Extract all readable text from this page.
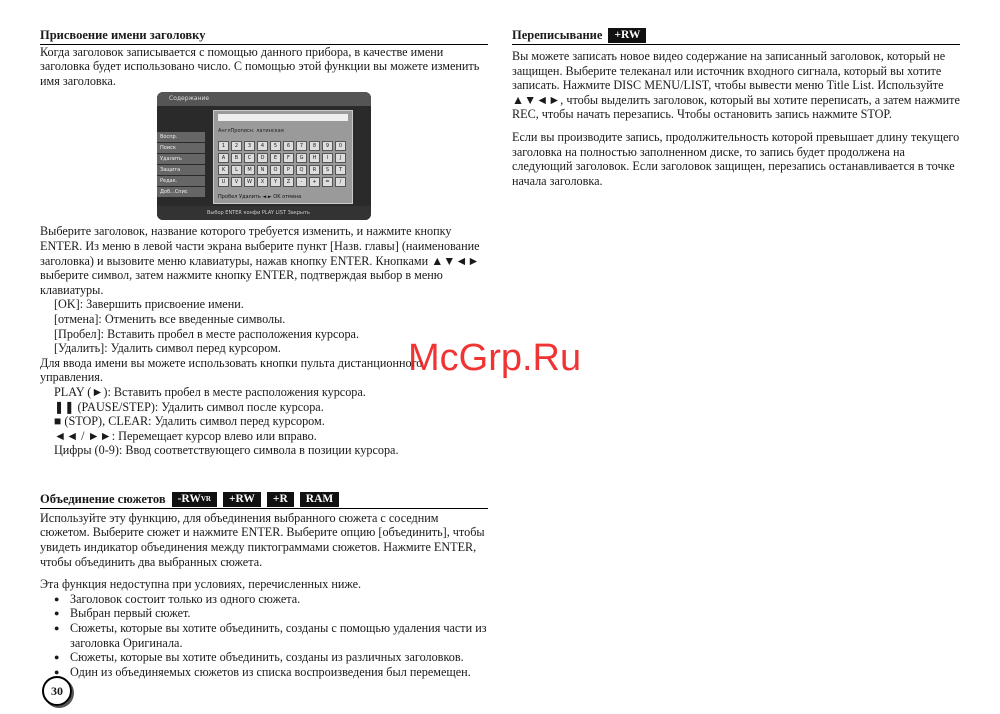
Присвоение имени заголовку

Когда заголовок записывается с помощью данного прибора, в качестве имени заголовка будет использовано число. С помощью этой функции вы можете изменить имя заголовка.

Содержание
Воспр.
Поиск
Удалить
Защита
Редак.
Доб...Спис
АнглПрописн. латинская
1	2	3	4	5	6	7	8	9	0
A	B	C	D	E	F	G	H	I	J
K	L	M	N	O	P	Q	R	S	T
U	V	W	X	Y	Z	-	+	=	/
Пробел Удалить ◄ ► OK отмена
Выбор ENTER конфи PLAY LIST Закрыть

Выберите заголовок, название которого требуется изменить, и нажмите кнопку ENTER. Из меню в левой части экрана выберите пункт [Назв. главы] (наименование заголовка) и вызовите меню клавиатуры, нажав кнопку ENTER. Кнопками ▲▼◄► выберите символ, затем нажмите кнопку ENTER, подтверждая выбор в меню клавиатуры.

[OK]: Завершить присвоение имени.

[отмена]: Отменить все введенные символы.

[Пробел]: Вставить пробел в месте расположения курсора.

[Удалить]: Удалить символ перед курсором.

Для ввода имени вы можете использовать кнопки пульта дистанционного управления.

PLAY (►): Вставить пробел в месте расположения курсора.

❚❚ (PAUSE/STEP): Удалить символ после курсора.

■ (STOP), CLEAR: Удалить символ перед курсором.

◄◄ / ►►: Перемещает курсор влево или вправо.

Цифры (0-9): Ввод соответствующего символа в позиции курсора.

Объединение сюжетов	$-RW^{VR}$	+RW	+R	RAM

Используйте эту функцию, для объединения выбранного сюжета с соседним сюжетом. Выберите сюжет и нажмите ENTER. Выберите опцию [объединить], чтобы увидеть индикатор объединения между пиктограммами сюжетов. Нажмите ENTER, чтобы объединить два выбранных сюжета.

Эта функция недоступна при условиях, перечисленных ниже.

● Заголовок состоит только из одного сюжета.
● Выбран первый сюжет.
● Сюжеты, которые вы хотите объединить, созданы с помощью удаления части из заголовка Оригинала.
● Сюжеты, которые вы хотите объединить, созданы из различных заголовков.
● Один из объединяемых сюжетов из списка воспроизведения был перемещен.
Переписывание	+RW

Вы можете записать новое видео содержание на записанный заголовок, который не защищен. Выберите телеканал или источник входного сигнала, который вы хотите записать. Нажмите DISC MENU/LIST, чтобы вывести меню Title List. Используйте ▲▼◄►, чтобы выделить заголовок, который вы хотите переписать, а затем нажмите REC, чтобы начать перезапись. Чтобы остановить запись нажмите STOP.

Если вы производите запись, продолжительность которой превышает длину текущего заголовка на полностью заполненном диске, то запись будет продолжена на следующий заголовок. Если заголовок защищен, перезапись останавливается в точке начала заголовка.

McGrp.Ru
30
